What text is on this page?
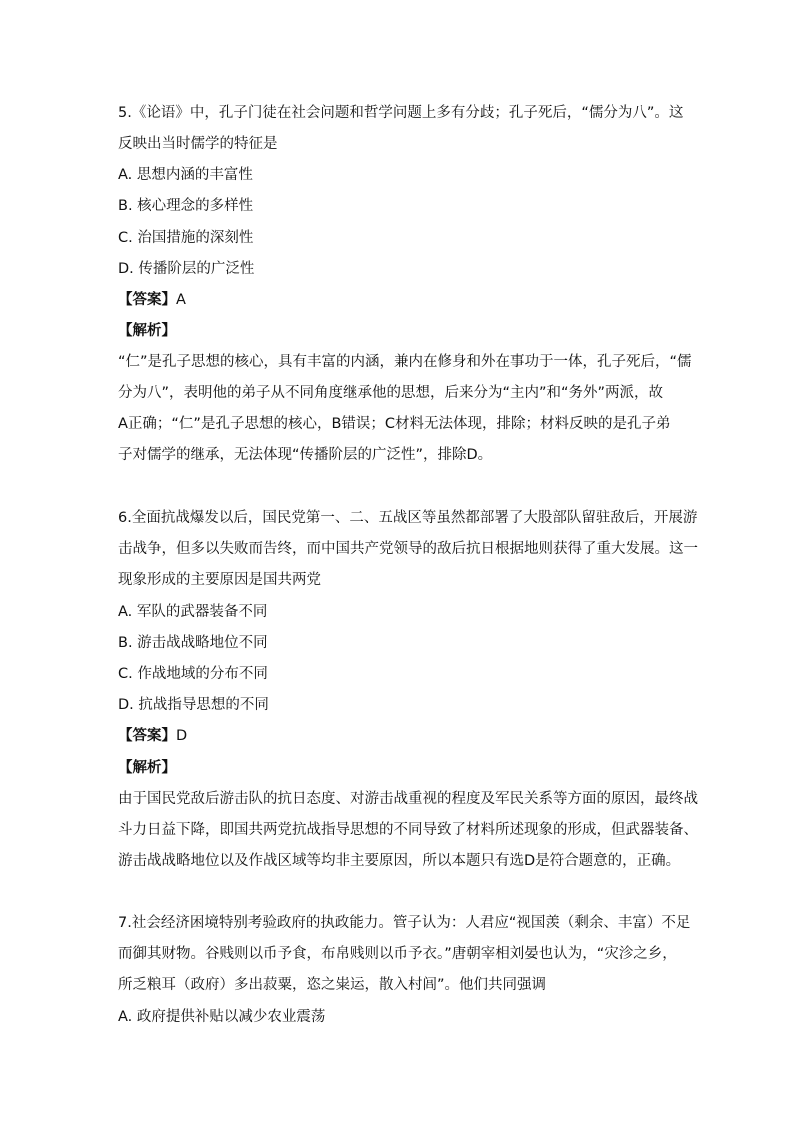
5.《论语》中，孔子门徒在社会问题和哲学问题上多有分歧；孔子死后，“儒分为八”。这

反映出当时儒学的特征是

A. 思想内涵的丰富性

B. 核心理念的多样性

C. 治国措施的深刻性

D. 传播阶层的广泛性

【答案】A

【解析】

“仁”是孔子思想的核心，具有丰富的内涵，兼内在修身和外在事功于一体，孔子死后，“儒

分为八”，表明他的弟子从不同角度继承他的思想，后来分为“主内”和“务外”两派，故

A正确；“仁”是孔子思想的核心，B错误；C材料无法体现，排除；材料反映的是孔子弟

子对儒学的继承，无法体现“传播阶层的广泛性”，排除D。

6.全面抗战爆发以后，国民党第一、二、五战区等虽然都部署了大股部队留驻敌后，开展游

击战争，但多以失败而告终，而中国共产党领导的敌后抗日根据地则获得了重大发展。这一

现象形成的主要原因是国共两党

A. 军队的武器装备不同

B. 游击战战略地位不同

C. 作战地域的分布不同

D. 抗战指导思想的不同

【答案】D

【解析】

由于国民党敌后游击队的抗日态度、对游击战重视的程度及军民关系等方面的原因，最终战

斗力日益下降，即国共两党抗战指导思想的不同导致了材料所述现象的形成，但武器装备、

游击战战略地位以及作战区域等均非主要原因，所以本题只有选D是符合题意的，正确。

7.社会经济困境特别考验政府的执政能力。管子认为：人君应“视国羡（剩余、丰富）不足

而御其财物。谷贱则以币予食，布帛贱则以币予衣。”唐朝宰相刘晏也认为，“灾沴之乡，

所乏粮耳（政府）多出菽粟，恣之粜运，散入村闾”。他们共同强调

A. 政府提供补贴以减少农业震荡
